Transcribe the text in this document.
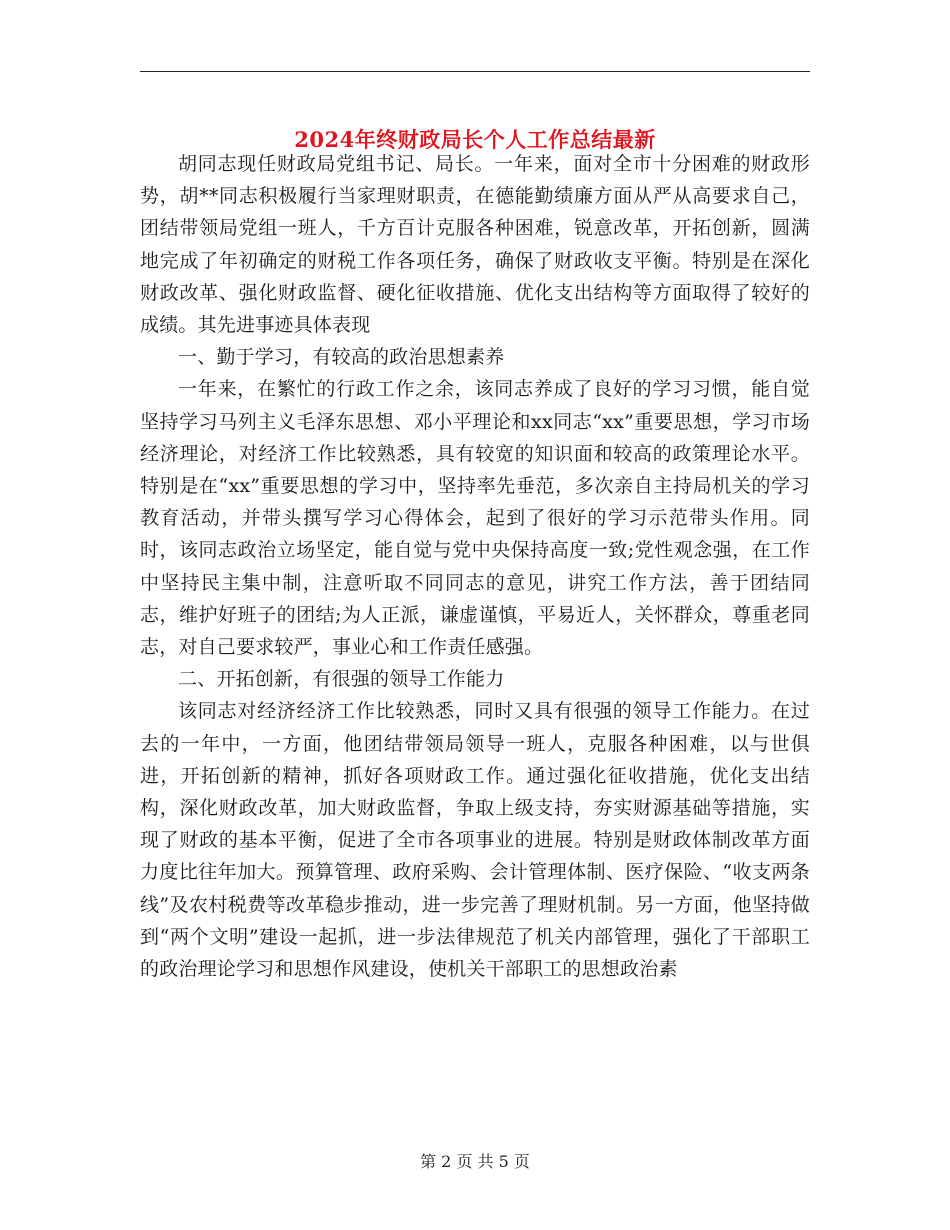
2024年终财政局长个人工作总结最新

胡同志现任财政局党组书记、局长。一年来，面对全市十分困难的财政形势，胡**同志积极履行当家理财职责，在德能勤绩廉方面从严从高要求自己，团结带领局党组一班人，千方百计克服各种困难，锐意改革，开拓创新，圆满地完成了年初确定的财税工作各项任务，确保了财政收支平衡。特别是在深化财政改革、强化财政监督、硬化征收措施、优化支出结构等方面取得了较好的成绩。其先进事迹具体表现

一、勤于学习，有较高的政治思想素养

一年来，在繁忙的行政工作之余，该同志养成了良好的学习习惯，能自觉坚持学习马列主义毛泽东思想、邓小平理论和xx同志“xx”重要思想，学习市场经济理论，对经济工作比较熟悉，具有较宽的知识面和较高的政策理论水平。特别是在“xx”重要思想的学习中，坚持率先垂范，多次亲自主持局机关的学习教育活动，并带头撰写学习心得体会，起到了很好的学习示范带头作用。同时，该同志政治立场坚定，能自觉与党中央保持高度一致;党性观念强，在工作中坚持民主集中制，注意听取不同同志的意见，讲究工作方法，善于团结同志，维护好班子的团结;为人正派，谦虚谨慎，平易近人，关怀群众，尊重老同志，对自己要求较严，事业心和工作责任感强。

二、开拓创新，有很强的领导工作能力

该同志对经济经济工作比较熟悉，同时又具有很强的领导工作能力。在过去的一年中，一方面，他团结带领局领导一班人，克服各种困难，以与世俱进，开拓创新的精神，抓好各项财政工作。通过强化征收措施，优化支出结构，深化财政改革，加大财政监督，争取上级支持，夯实财源基础等措施，实现了财政的基本平衡，促进了全市各项事业的进展。特别是财政体制改革方面力度比往年加大。预算管理、政府采购、会计管理体制、医疗保险、“收支两条线”及农村税费等改革稳步推动，进一步完善了理财机制。另一方面，他坚持做到“两个文明”建设一起抓，进一步法律规范了机关内部管理，强化了干部职工的政治理论学习和思想作风建设，使机关干部职工的思想政治素

第 2 页 共 5 页
